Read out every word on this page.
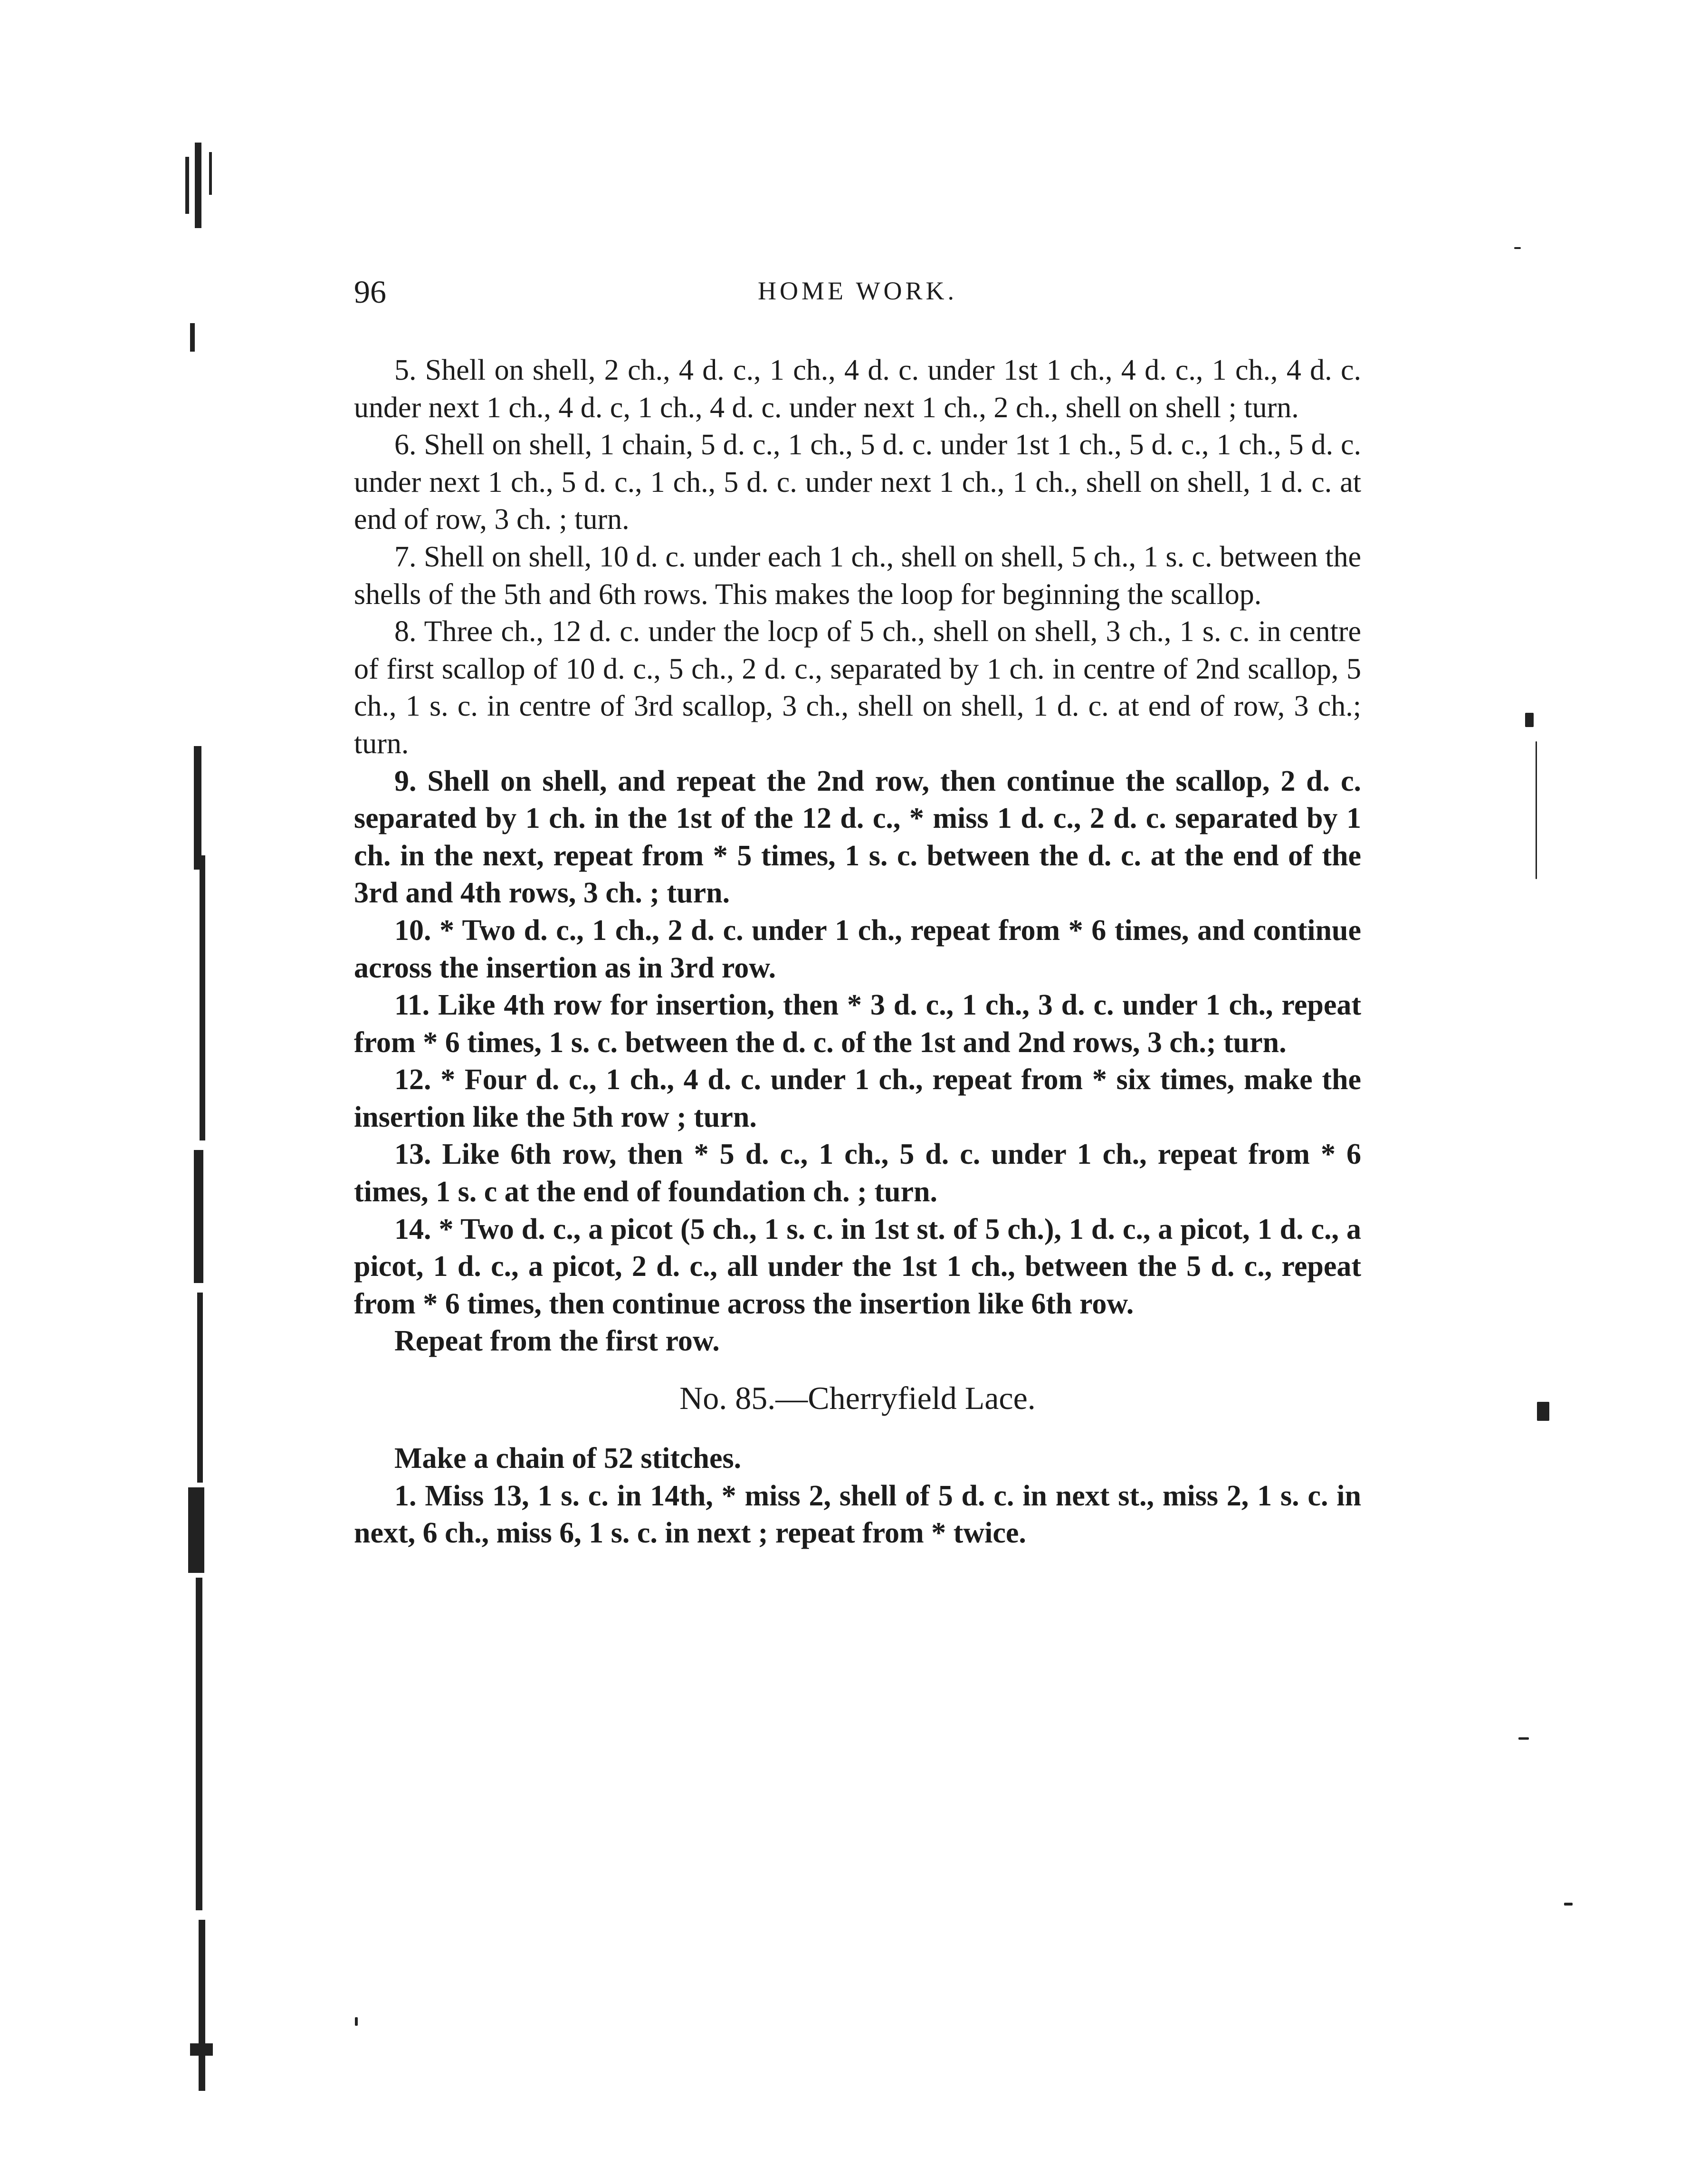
96	HOME WORK.

5. Shell on shell, 2 ch., 4 d. c., 1 ch., 4 d. c. under 1st 1 ch., 4 d. c., 1 ch., 4 d. c. under next 1 ch., 4 d. c, 1 ch., 4 d. c. under next 1 ch., 2 ch., shell on shell ; turn.

6. Shell on shell, 1 chain, 5 d. c., 1 ch., 5 d. c. under 1st 1 ch., 5 d. c., 1 ch., 5 d. c. under next 1 ch., 5 d. c., 1 ch., 5 d. c. under next 1 ch., 1 ch., shell on shell, 1 d. c. at end of row, 3 ch. ; turn.

7. Shell on shell, 10 d. c. under each 1 ch., shell on shell, 5 ch., 1 s. c. between the shells of the 5th and 6th rows. This makes the loop for beginning the scallop.

8. Three ch., 12 d. c. under the locp of 5 ch., shell on shell, 3 ch., 1 s. c. in centre of first scallop of 10 d. c., 5 ch., 2 d. c., separated by 1 ch. in centre of 2nd scallop, 5 ch., 1 s. c. in centre of 3rd scallop, 3 ch., shell on shell, 1 d. c. at end of row, 3 ch.; turn.

9. Shell on shell, and repeat the 2nd row, then continue the scallop, 2 d. c. separated by 1 ch. in the 1st of the 12 d. c., * miss 1 d. c., 2 d. c. separated by 1 ch. in the next, repeat from * 5 times, 1 s. c. between the d. c. at the end of the 3rd and 4th rows, 3 ch. ; turn.

10. * Two d. c., 1 ch., 2 d. c. under 1 ch., repeat from * 6 times, and continue across the insertion as in 3rd row.

11. Like 4th row for insertion, then * 3 d. c., 1 ch., 3 d. c. under 1 ch., repeat from * 6 times, 1 s. c. between the d. c. of the 1st and 2nd rows, 3 ch.; turn.

12. * Four d. c., 1 ch., 4 d. c. under 1 ch., repeat from * six times, make the insertion like the 5th row ; turn.

13. Like 6th row, then * 5 d. c., 1 ch., 5 d. c. under 1 ch., repeat from * 6 times, 1 s. c at the end of foundation ch. ; turn.

14. * Two d. c., a picot (5 ch., 1 s. c. in 1st st. of 5 ch.), 1 d. c., a picot, 1 d. c., a picot, 1 d. c., a picot, 2 d. c., all under the 1st 1 ch., between the 5 d. c., repeat from * 6 times, then continue across the insertion like 6th row.

Repeat from the first row.

No. 85.—Cherryfield Lace.

Make a chain of 52 stitches.

1. Miss 13, 1 s. c. in 14th, * miss 2, shell of 5 d. c. in next st., miss 2, 1 s. c. in next, 6 ch., miss 6, 1 s. c. in next ; repeat from * twice.
